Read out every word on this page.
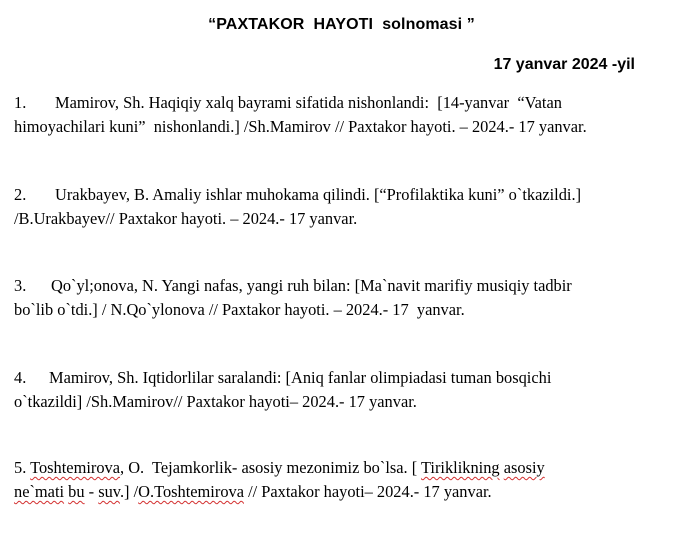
“PAXTAKOR  HAYOTI  solnomasi ”
17 yanvar 2024 -yil
1. Mamirov, Sh. Haqiqiy xalq bayrami sifatida nishonlandi:  [14-yanvar  “Vatan
himoyachilari kuni”  nishonlandi.] /Sh.Mamirov // Paxtakor hayoti. – 2024.- 17 yanvar.
2. Urakbayev, B. Amaliy ishlar muhokama qilindi. [“Profilaktika kuni” o`tkazildi.]
/B.Urakbayev// Paxtakor hayoti. – 2024.- 17 yanvar.
3. Qo`yl;onova, N. Yangi nafas, yangi ruh bilan: [Ma`navit marifiy musiqiy tadbir
bo`lib o`tdi.] / N.Qo`ylonova // Paxtakor hayoti. – 2024.- 17  yanvar.
4. Mamirov, Sh. Iqtidorlilar saralandi: [Aniq fanlar olimpiadasi tuman bosqichi
o`tkazildi] /Sh.Mamirov// Paxtakor hayoti– 2024.- 17 yanvar.
5. Toshtemirova, O.  Tejamkorlik- asosiy mezonimiz bo`lsa. [ Tiriklikning asosiy
ne`mati bu - suv.] /O.Toshtemirova // Paxtakor hayoti– 2024.- 17 yanvar.
